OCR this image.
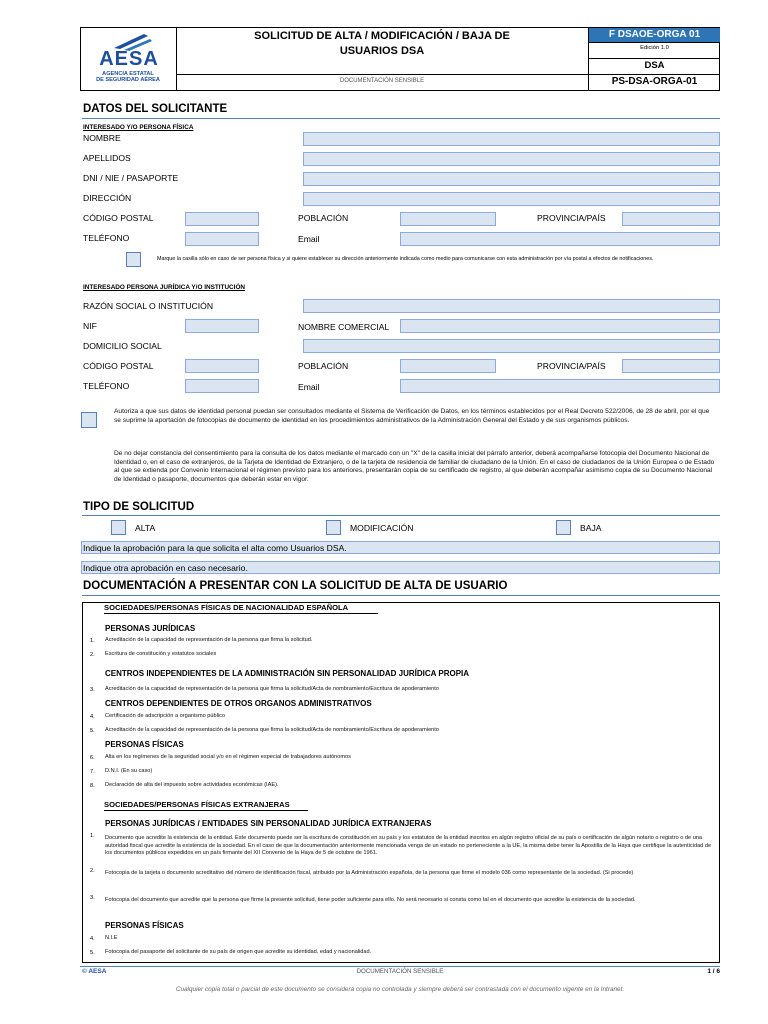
AESA
AGENCIA ESTATAL
DE SEGURIDAD AÉREA
SOLICITUD DE ALTA / MODIFICACIÓN / BAJA DE
USUARIOS DSA
DOCUMENTACIÓN SENSIBLE
F DSAOE-ORGA 01
Edición 1.0
DSA
PS-DSA-ORGA-01
DATOS DEL SOLICITANTE
INTERESADO Y/O PERSONA FÍSICA
NOMBRE
APELLIDOS
DNI / NIE / PASAPORTE
DIRECCIÓN
CÓDIGO POSTAL	POBLACIÓN	PROVINCIA/PAÍS
TELÉFONO	Email
Marque la casilla sólo en caso de ser persona física y si quiere establecer su dirección anteriormente indicada como medio para comunicarse con esta administración por vía postal a efectos de notificaciones.
INTERESADO PERSONA JURÍDICA Y/O INSTITUCIÓN
RAZÓN SOCIAL O INSTITUCIÓN
NIF	NOMBRE COMERCIAL
DOMICILIO SOCIAL
CÓDIGO POSTAL	POBLACIÓN	PROVINCIA/PAÍS
TELÉFONO	Email
Autoriza a que sus datos de identidad personal puedan ser consultados mediante el Sistema de Verificación de Datos, en los términos establecidos por el Real Decreto 522/2006, de 28 de abril, por el que se suprime la aportación de fotocopias de documento de identidad en los procedimientos administrativos de la Administración General del Estado y de sus organismos públicos.
De no dejar constancia del consentimiento para la consulta de los datos mediante el marcado con un "X" de la casilla inicial del párrafo anterior, deberá acompañarse fotocopia del Documento Nacional de Identidad o, en el caso de extranjeros, de la Tarjeta de Identidad de Extranjero, o de la tarjeta de residencia de familiar de ciudadano de la Unión. En el caso de ciudadanos de la Unión Europea o de Estado al que se extienda por Convenio Internacional el régimen previsto para los anteriores, presentarán copia de su certificado de registro, al que deberán acompañar asimismo copia de su Documento Nacional de Identidad o pasaporte, documentos que deberán estar en vigor.
TIPO DE SOLICITUD
ALTA	MODIFICACIÓN	BAJA
Indique la aprobación para la que solicita el alta como Usuarios DSA.
Indique otra aprobación en caso necesario.
DOCUMENTACIÓN A PRESENTAR CON LA SOLICITUD DE ALTA DE USUARIO
SOCIEDADES/PERSONAS FÍSICAS DE NACIONALIDAD ESPAÑOLA
PERSONAS JURÍDICAS
1. Acreditación de la capacidad de representación de la persona que firma la solicitud.
2. Escritura de constitución y estatutos sociales
CENTROS INDEPENDIENTES DE LA ADMINISTRACIÓN SIN PERSONALIDAD JURÍDICA PROPIA
3. Acreditación de la capacidad de representación de la persona que firma la solicitud/Acta de nombramiento/Escritura de apoderamiento
CENTROS DEPENDIENTES DE OTROS ORGANOS ADMINISTRATIVOS
4. Certificación de adscripción a organismo público
5. Acreditación de la capacidad de representación de la persona que firma la solicitud/Acta de nombramiento/Escritura de apoderamiento
PERSONAS FÍSICAS
6. Alta en los regímenes de la seguridad social y/o en el régimen especial de trabajadores autónomos
7. D.N.I. (En su caso)
8. Declaración de alta del impuesto sobre actividades económicas (IAE).
SOCIEDADES/PERSONAS FÍSICAS EXTRANJERAS
PERSONAS JURÍDICAS / ENTIDADES SIN PERSONALIDAD JURÍDICA EXTRANJERAS
1. Documento que acredite la existencia de la entidad. Este documento puede ser la escritura de constitución en su país y los estatutos de la entidad inscritos en algún registro oficial de su país o certificación de algún notario o registro o de una autoridad fiscal que acredite la existencia de la sociedad. En el caso de que la documentación anteriormente mencionada venga de un estado no perteneciente a la UE, la misma debe tener la Apostilla de la Haya que certifique la autenticidad de los documentos públicos expedidos en un país firmante del XII Convenio de la Haya de 5 de octubre de 1961.
2. Fotocopia de la tarjeta o documento acreditativo del número de identificación fiscal, atribuido por la Administración española, de la persona que firme el modelo 036 como representante de la sociedad. (Si procede)
3. Fotocopia del documento que acredite que la persona que firme la presente solicitud, tiene poder suficiente para ello. No será necesario si consta como tal en el documento que acredite la existencia de la sociedad.
PERSONAS FÍSICAS
4. N.I.E
5. Fotocopia del pasaporte del solicitante de su país de origen que acredite su identidad, edad y nacionalidad.
© AESA	DOCUMENTACIÓN SENSIBLE	1 / 6
Cualquier copia total o parcial de este documento se considera copia no controlada y siempre deberá ser contrastada con el documento vigente en la Intranet.
